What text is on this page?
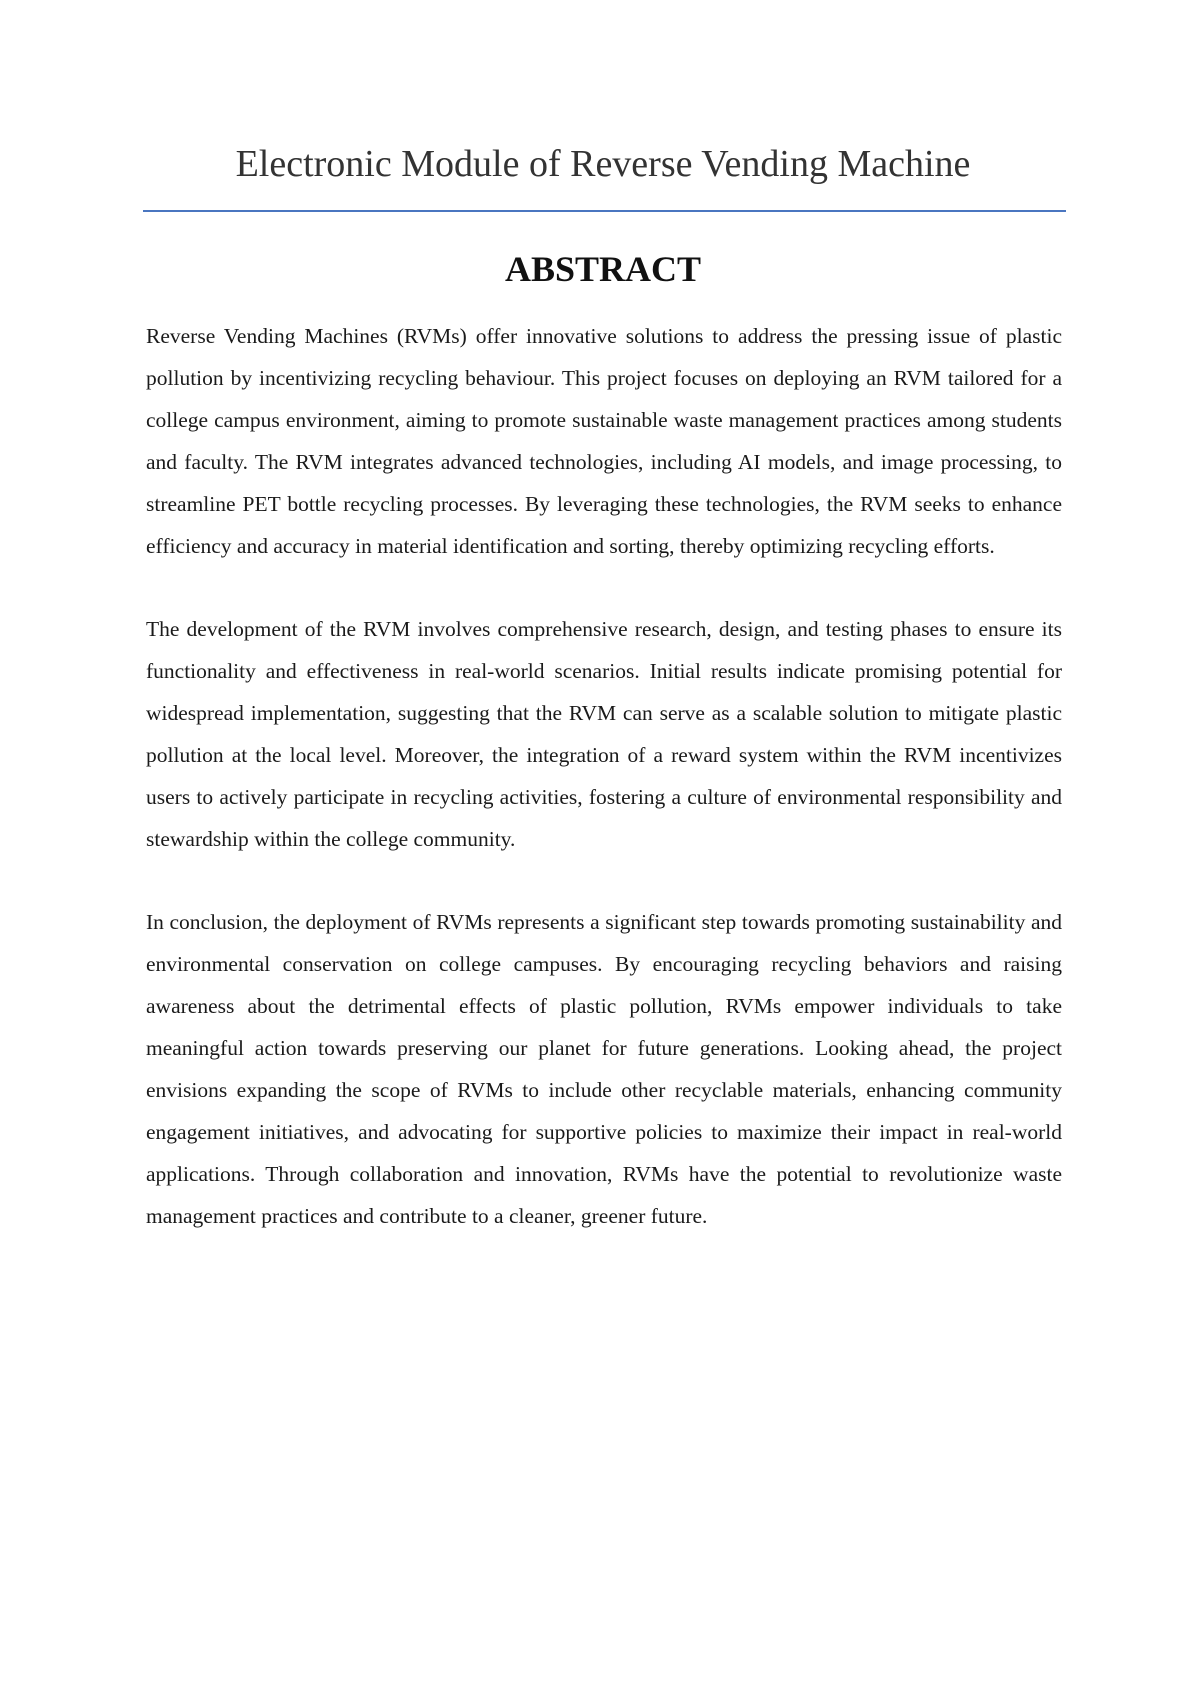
Electronic Module of Reverse Vending Machine
ABSTRACT

Reverse Vending Machines (RVMs) offer innovative solutions to address the pressing issue of plastic pollution by incentivizing recycling behaviour. This project focuses on deploying an RVM tailored for a college campus environment, aiming to promote sustainable waste management practices among students and faculty. The RVM integrates advanced technologies, including AI models, and image processing, to streamline PET bottle recycling processes. By leveraging these technologies, the RVM seeks to enhance efficiency and accuracy in material identification and sorting, thereby optimizing recycling efforts.

The development of the RVM involves comprehensive research, design, and testing phases to ensure its functionality and effectiveness in real-world scenarios. Initial results indicate promising potential for widespread implementation, suggesting that the RVM can serve as a scalable solution to mitigate plastic pollution at the local level. Moreover, the integration of a reward system within the RVM incentivizes users to actively participate in recycling activities, fostering a culture of environmental responsibility and stewardship within the college community.

In conclusion, the deployment of RVMs represents a significant step towards promoting sustainability and environmental conservation on college campuses. By encouraging recycling behaviors and raising awareness about the detrimental effects of plastic pollution, RVMs empower individuals to take meaningful action towards preserving our planet for future generations. Looking ahead, the project envisions expanding the scope of RVMs to include other recyclable materials, enhancing community engagement initiatives, and advocating for supportive policies to maximize their impact in real-world applications. Through collaboration and innovation, RVMs have the potential to revolutionize waste management practices and contribute to a cleaner, greener future.
